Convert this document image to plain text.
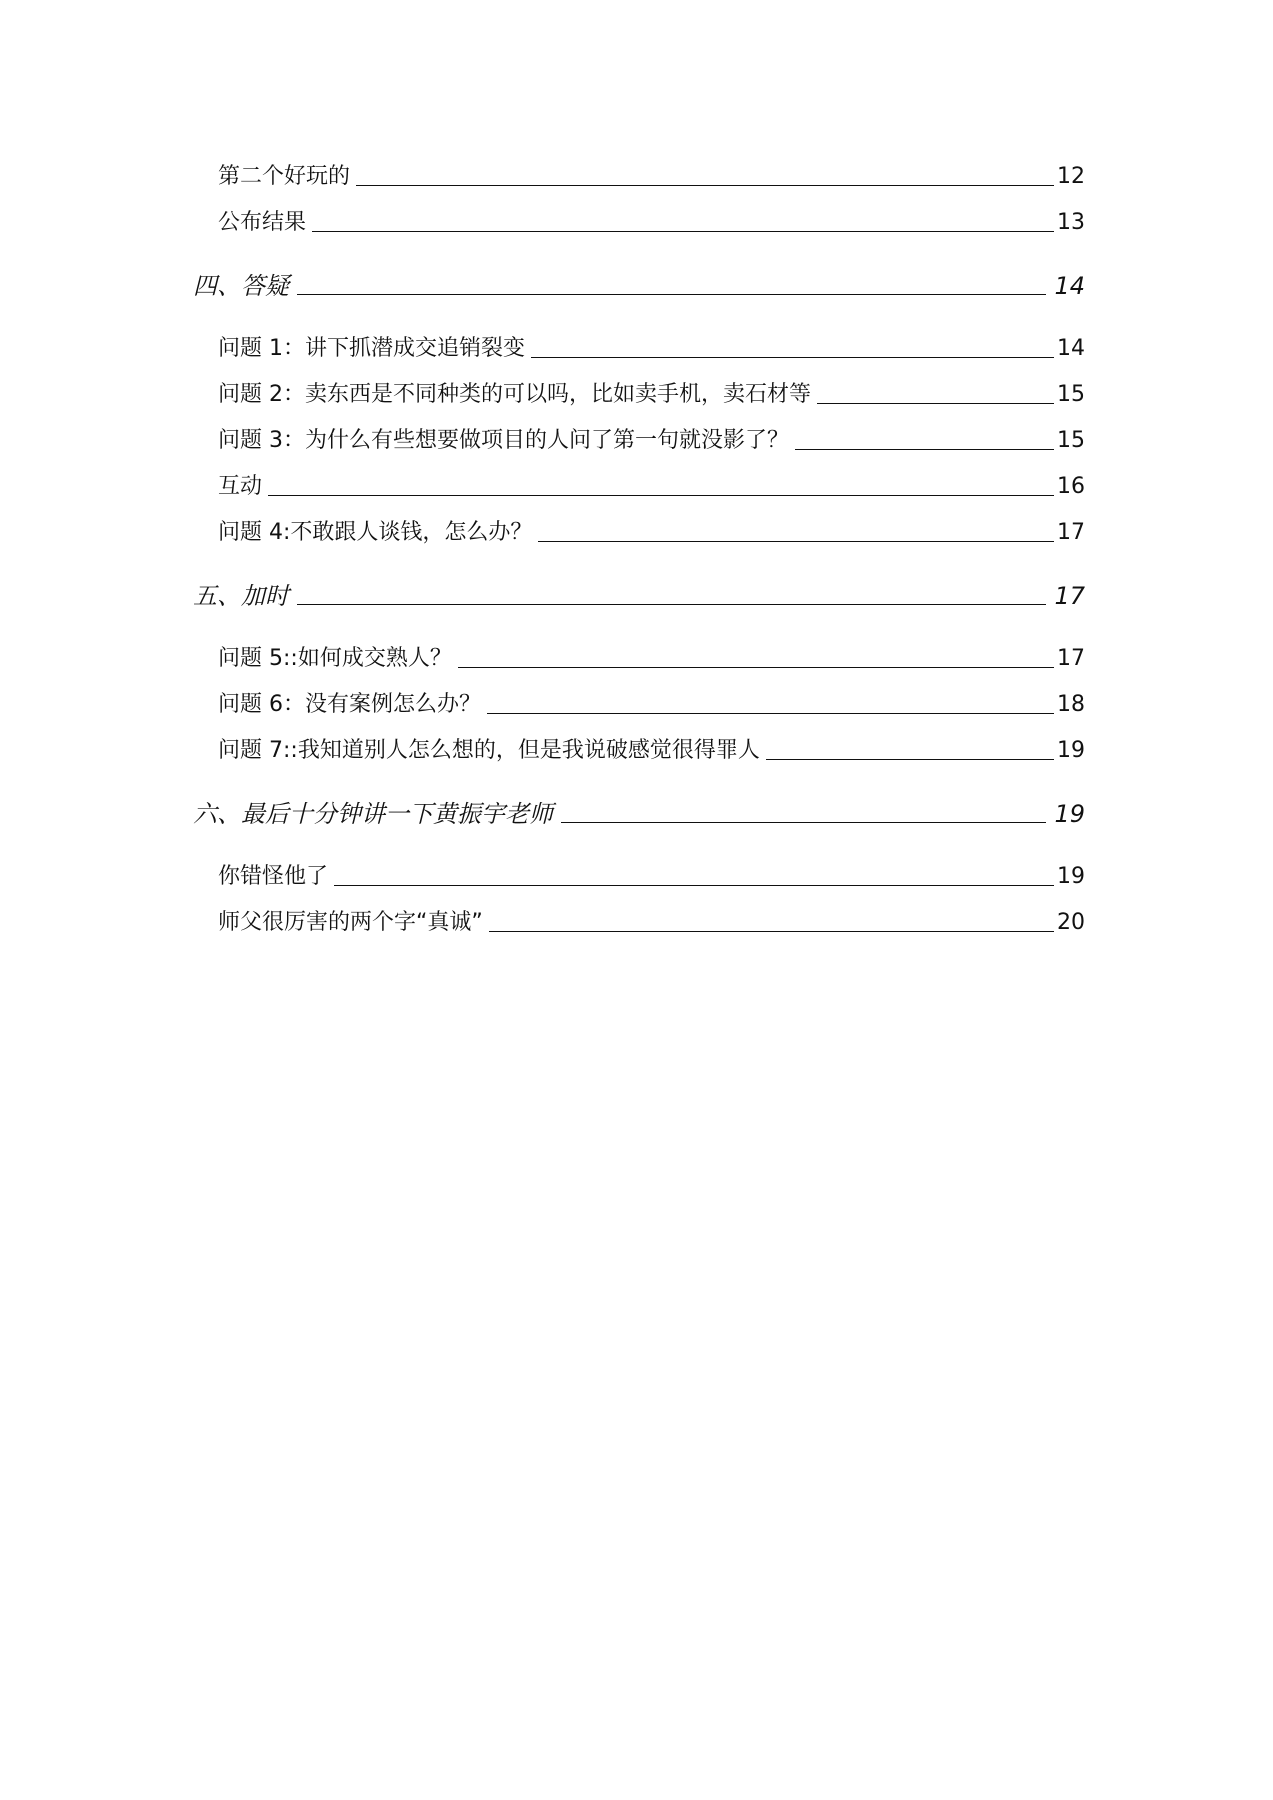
第二个好玩的	12
公布结果	13
四、答疑	14
问题 1：讲下抓潜成交追销裂变	14
问题 2：卖东西是不同种类的可以吗，比如卖手机，卖石材等	15
问题 3：为什么有些想要做项目的人问了第一句就没影了？	15
互动	16
问题 4:不敢跟人谈钱，怎么办？	17
五、加时	17
问题 5::如何成交熟人？	17
问题 6：没有案例怎么办？	18
问题 7::我知道别人怎么想的，但是我说破感觉很得罪人	19
六、最后十分钟讲一下黄振宇老师	19
你错怪他了	19
师父很厉害的两个字“真诚”	20
